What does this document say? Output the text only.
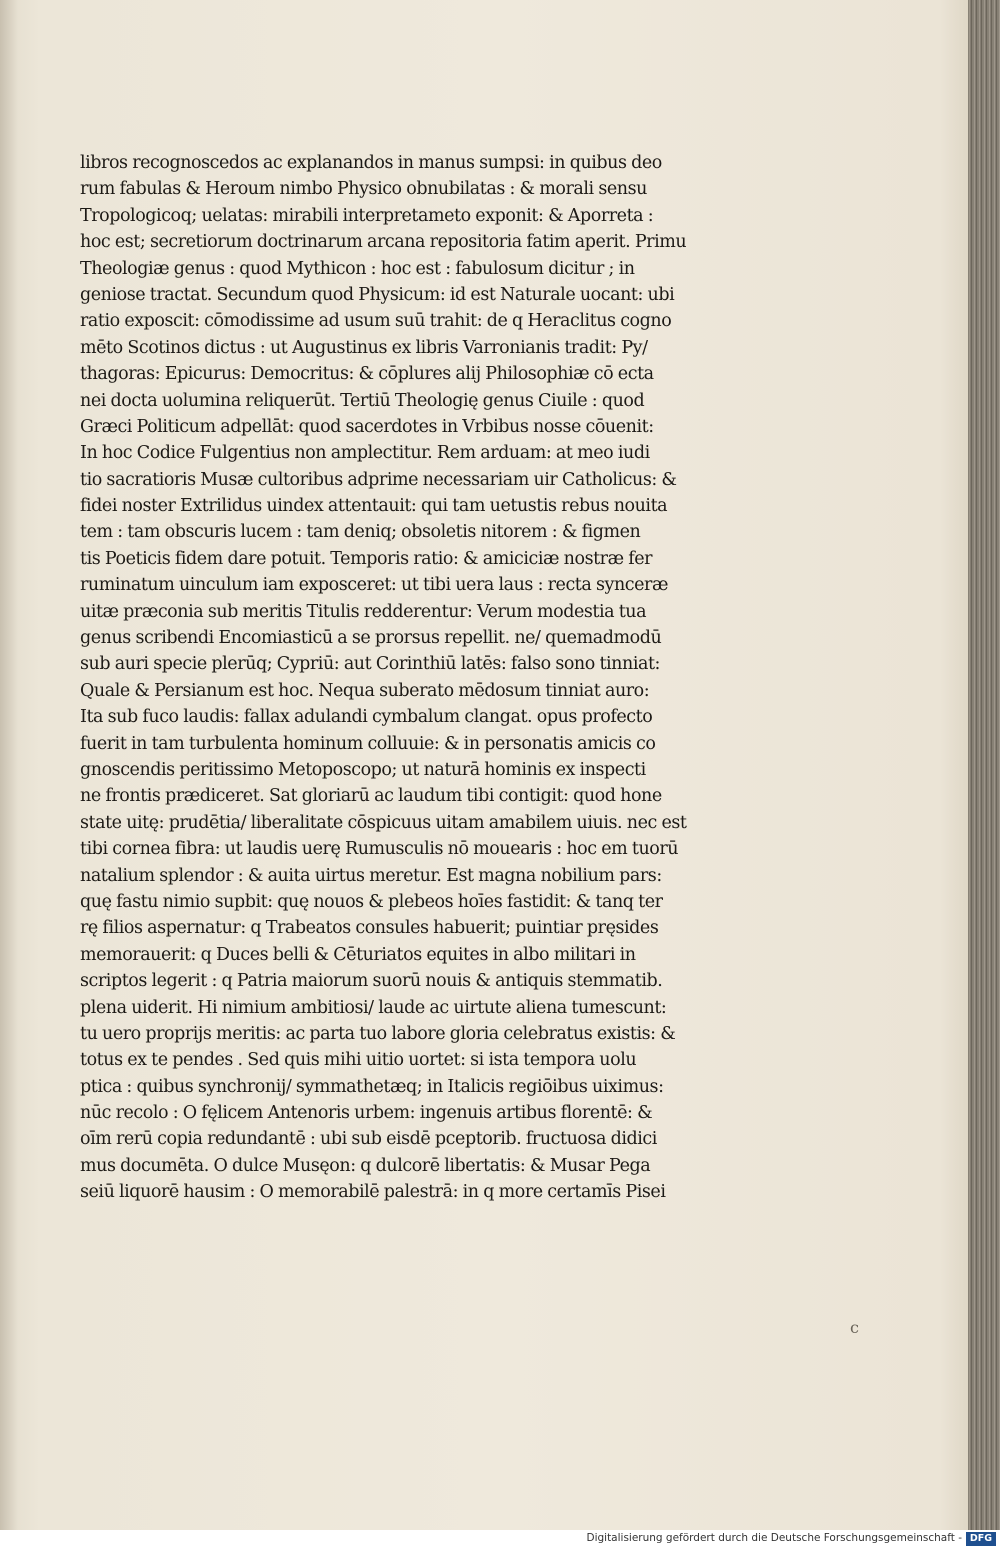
libros recognoscedos ac explanandos in manus sumpsi: in quibus deo
rum fabulas & Heroum nimbo Physico obnubilatas : & morali sensu
Tropologicoq; uelatas: mirabili interpretameto exponit: & Aporreta :
hoc est; secretiorum doctrinarum arcana repositoria fatim aperit. Primu
Theologiæ genus : quod Mythicon : hoc est : fabulosum dicitur ; in
geniose tractat. Secundum quod Physicum: id est Naturale uocant: ubi
ratio exposcit: cōmodissime ad usum suū trahit: de q Heraclitus cogno
mēto Scotinos dictus : ut Augustinus ex libris Varronianis tradit: Py/
thagoras: Epicurus: Democritus: & cōplures alij Philosophiæ cō ecta
nei docta uolumina reliquerūt. Tertiū Theologię genus Ciuile : quod
Græci Politicum adpellāt: quod sacerdotes in Vrbibus nosse cōuenit:
In hoc Codice Fulgentius non amplectitur. Rem arduam: at meo iudi
tio sacratioris Musæ cultoribus adprime necessariam uir Catholicus: &
fidei noster Extrilidus uindex attentauit: qui tam uetustis rebus nouita
tem : tam obscuris lucem : tam deniq; obsoletis nitorem : & figmen
tis Poeticis fidem dare potuit. Temporis ratio: & amiciciæ nostræ fer
ruminatum uinculum iam exposceret: ut tibi uera laus : recta synceræ
uitæ præconia sub meritis Titulis redderentur: Verum modestia tua
genus scribendi Encomiasticū a se prorsus repellit. ne/ quemadmodū
sub auri specie plerūq; Cypriū: aut Corinthiū latēs: falso sono tinniat:
Quale & Persianum est hoc. Nequa suberato mēdosum tinniat auro:
Ita sub fuco laudis: fallax adulandi cymbalum clangat. opus profecto
fuerit in tam turbulenta hominum colluuie: & in personatis amicis co
gnoscendis peritissimo Metoposcopo; ut naturā hominis ex inspecti
ne frontis prædiceret. Sat gloriarū ac laudum tibi contigit: quod hone
state uitę: prudētia/ liberalitate cōspicuus uitam amabilem uiuis. nec est
tibi cornea fibra: ut laudis uerę Rumusculis nō mouearis : hoc em tuorū
natalium splendor : & auita uirtus meretur. Est magna nobilium pars:
quę fastu nimio supbit: quę nouos & plebeos hoīes fastidit: & tanq ter
rę filios aspernatur: q Trabeatos consules habuerit; puintiar pręsides
memorauerit: q Duces belli & Cēturiatos equites in albo militari in
scriptos legerit : q Patria maiorum suorū nouis & antiquis stemmatib.
plena uiderit. Hi nimium ambitiosi/ laude ac uirtute aliena tumescunt:
tu uero proprijs meritis: ac parta tuo labore gloria celebratus existis: &
totus ex te pendes . Sed quis mihi uitio uortet: si ista tempora uolu
ptica : quibus synchronij/ symmathetæq; in Italicis regiōibus uiximus:
nūc recolo : O fęlicem Antenoris urbem: ingenuis artibus florentē: &
oīm rerū copia redundantē : ubi sub eisdē pceptorib. fructuosa didici
mus documēta. O dulce Musęon: q dulcorē libertatis: & Musar Pega
seiū liquorē hausim : O memorabilē palestrā: in q more certamīs Pisei
c
Digitalisierung gefördert durch die Deutsche Forschungsgemeinschaft - DFG
